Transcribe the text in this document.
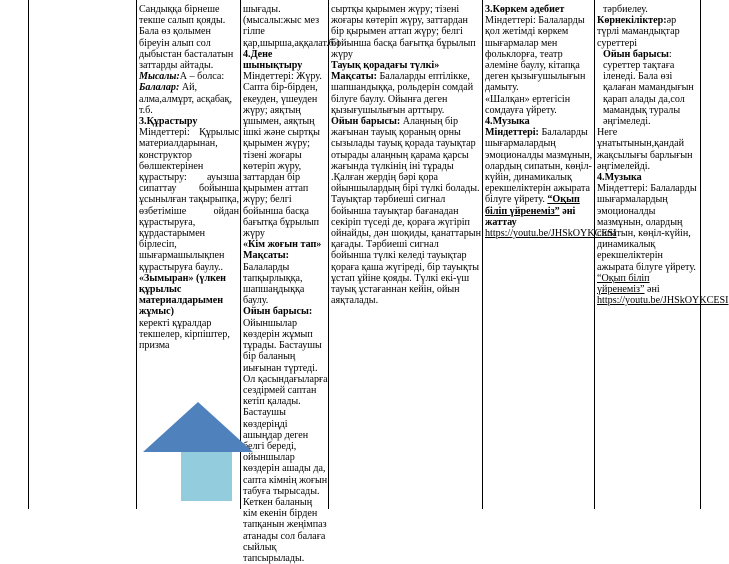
Сандыққа бірнеше

текше салып қояды.

Бала өз қолымен

біреуін алып сол

дыбыстан басталатын

заттарды айтады.

Мысалы:А – болса:

Балалар: Ай, алма,алмұрт, асқабақ, т.б.

3.Құрастыру

Міндеттері: Құрылыс материалдарынан, конструктор бөлшектерінен құрастыру: ауызша сипаттау бойынша ұсынылған тақырыпқа, өзбетіміше ойдан құрастыруға, құрдастарымен бірлесіп, шығармашылықпен құрастыруға баулу..

«Зымыран» (үлкен құрылыс материалдарымен жұмыс)

керекті құралдар текшелер, кірпіштер, призма

шығады.(мысалы:жыс мез гілпе қар,шырша,аққалат.б.)

4.Дене шынықтыру

Міндеттері: Жүру. Сапта бір-бірден, екеуден, үшеуден жүру; аяқтың ұшымен, аяқтың ішкі және сыртқы қырымен жүру; тізені жоғары көтеріп жүру, заттардан бір қырымен аттап жүру; белгі бойынша басқа бағытқа бұрылып жүру

«Кім жоғын тап»

Мақсаты: Балаларды тапқырлыққа, шапшаңдыққа баулу.

Ойын барысы: Ойыншылар көздерін жұмып тұрады. Бастаушы бір баланың иығынан түртеді. Ол қасындағыларға сездірмей саптан кетіп қалады. Бастаушы көздеріңді ашыңдар деген белгі береді, ойыншылар көздерін ашады да, сапта кімнің жоғын табуға тырысады. Кеткен баланың кім екенін бірден тапқанын жеңімпаз атанады сол балаға сыйлық тапсырылады.

сыртқы қырымен жүру; тізені жоғары көтеріп жүру, заттардан бір қырымен аттап жүру; белгі бойынша басқа бағытқа бұрылып жүру

Тауық қорадағы түлкі»

Мақсаты: Балаларды ептілікке, шапшандыққа, рольдерін сомдай білуге баулу. Ойынға деген қызығушылығын арттыру.

Ойын барысы: Алаңның бір жағынан тауық қораның орны сызылады тауық қорада тауықтар отырады алаңның қарама қарсы жағында түлкінің іні тұрады .Қалған жердің бәрі қора ойыншылардың бірі түлкі болады. Тауықтар тәрбиеші сигнал бойынша тауықтар бағанадан секіріп түседі де, қораға жүгіріп ойнайды, дән шоқиды, қанаттарын қағады. Тәрбиеші сигнал бойынша түлкі келеді тауықтар қораға қаша жүгіреді, бір тауықты ұстап ұйіне қояды. Түлкі екі-үш тауық ұстағаннан кейін, ойын аяқталады.

3.Көркем әдебиет

Міндеттері: Балаларды қол жетімді көркем шығармалар мен фольклорға, театр әлеміне баулу, кітапқа деген қызығушылығын дамыту.

«Шалқан» ертегісін сомдауға үйрету.

4.Музыка

Міндеттері: Балаларды шығармалардың эмоционалды мазмұнын, олардың сипатын, көңіл-күйін, динамикалық ерекшеліктерін ажырата білуге үйрету. “Оқып біліп үйренеміз” әні жаттау

https://youtu.be/JHSkOYKCESI

тәрбиелеу.

Көрнекіліктер:әр түрлі мамандықтар суреттері

Ойын барысы: суреттер тақтаға іленеді. Бала өзі қалаған мамандығын қарап алады да,сол мамандық туралы әңгімеледі.

Неге ұнатытынын,қандай жақсылығы барлығын әңгімелейді.

4.Музыка

Міндеттері: Балаларды шығармалардың эмоционалды мазмұнын, олардың сипатын, көңіл-күйін, динамикалық ерекшеліктерін ажырата білуге үйрету.

“Оқып біліп үйренеміз” әні

https://youtu.be/JHSkOYKCESI
